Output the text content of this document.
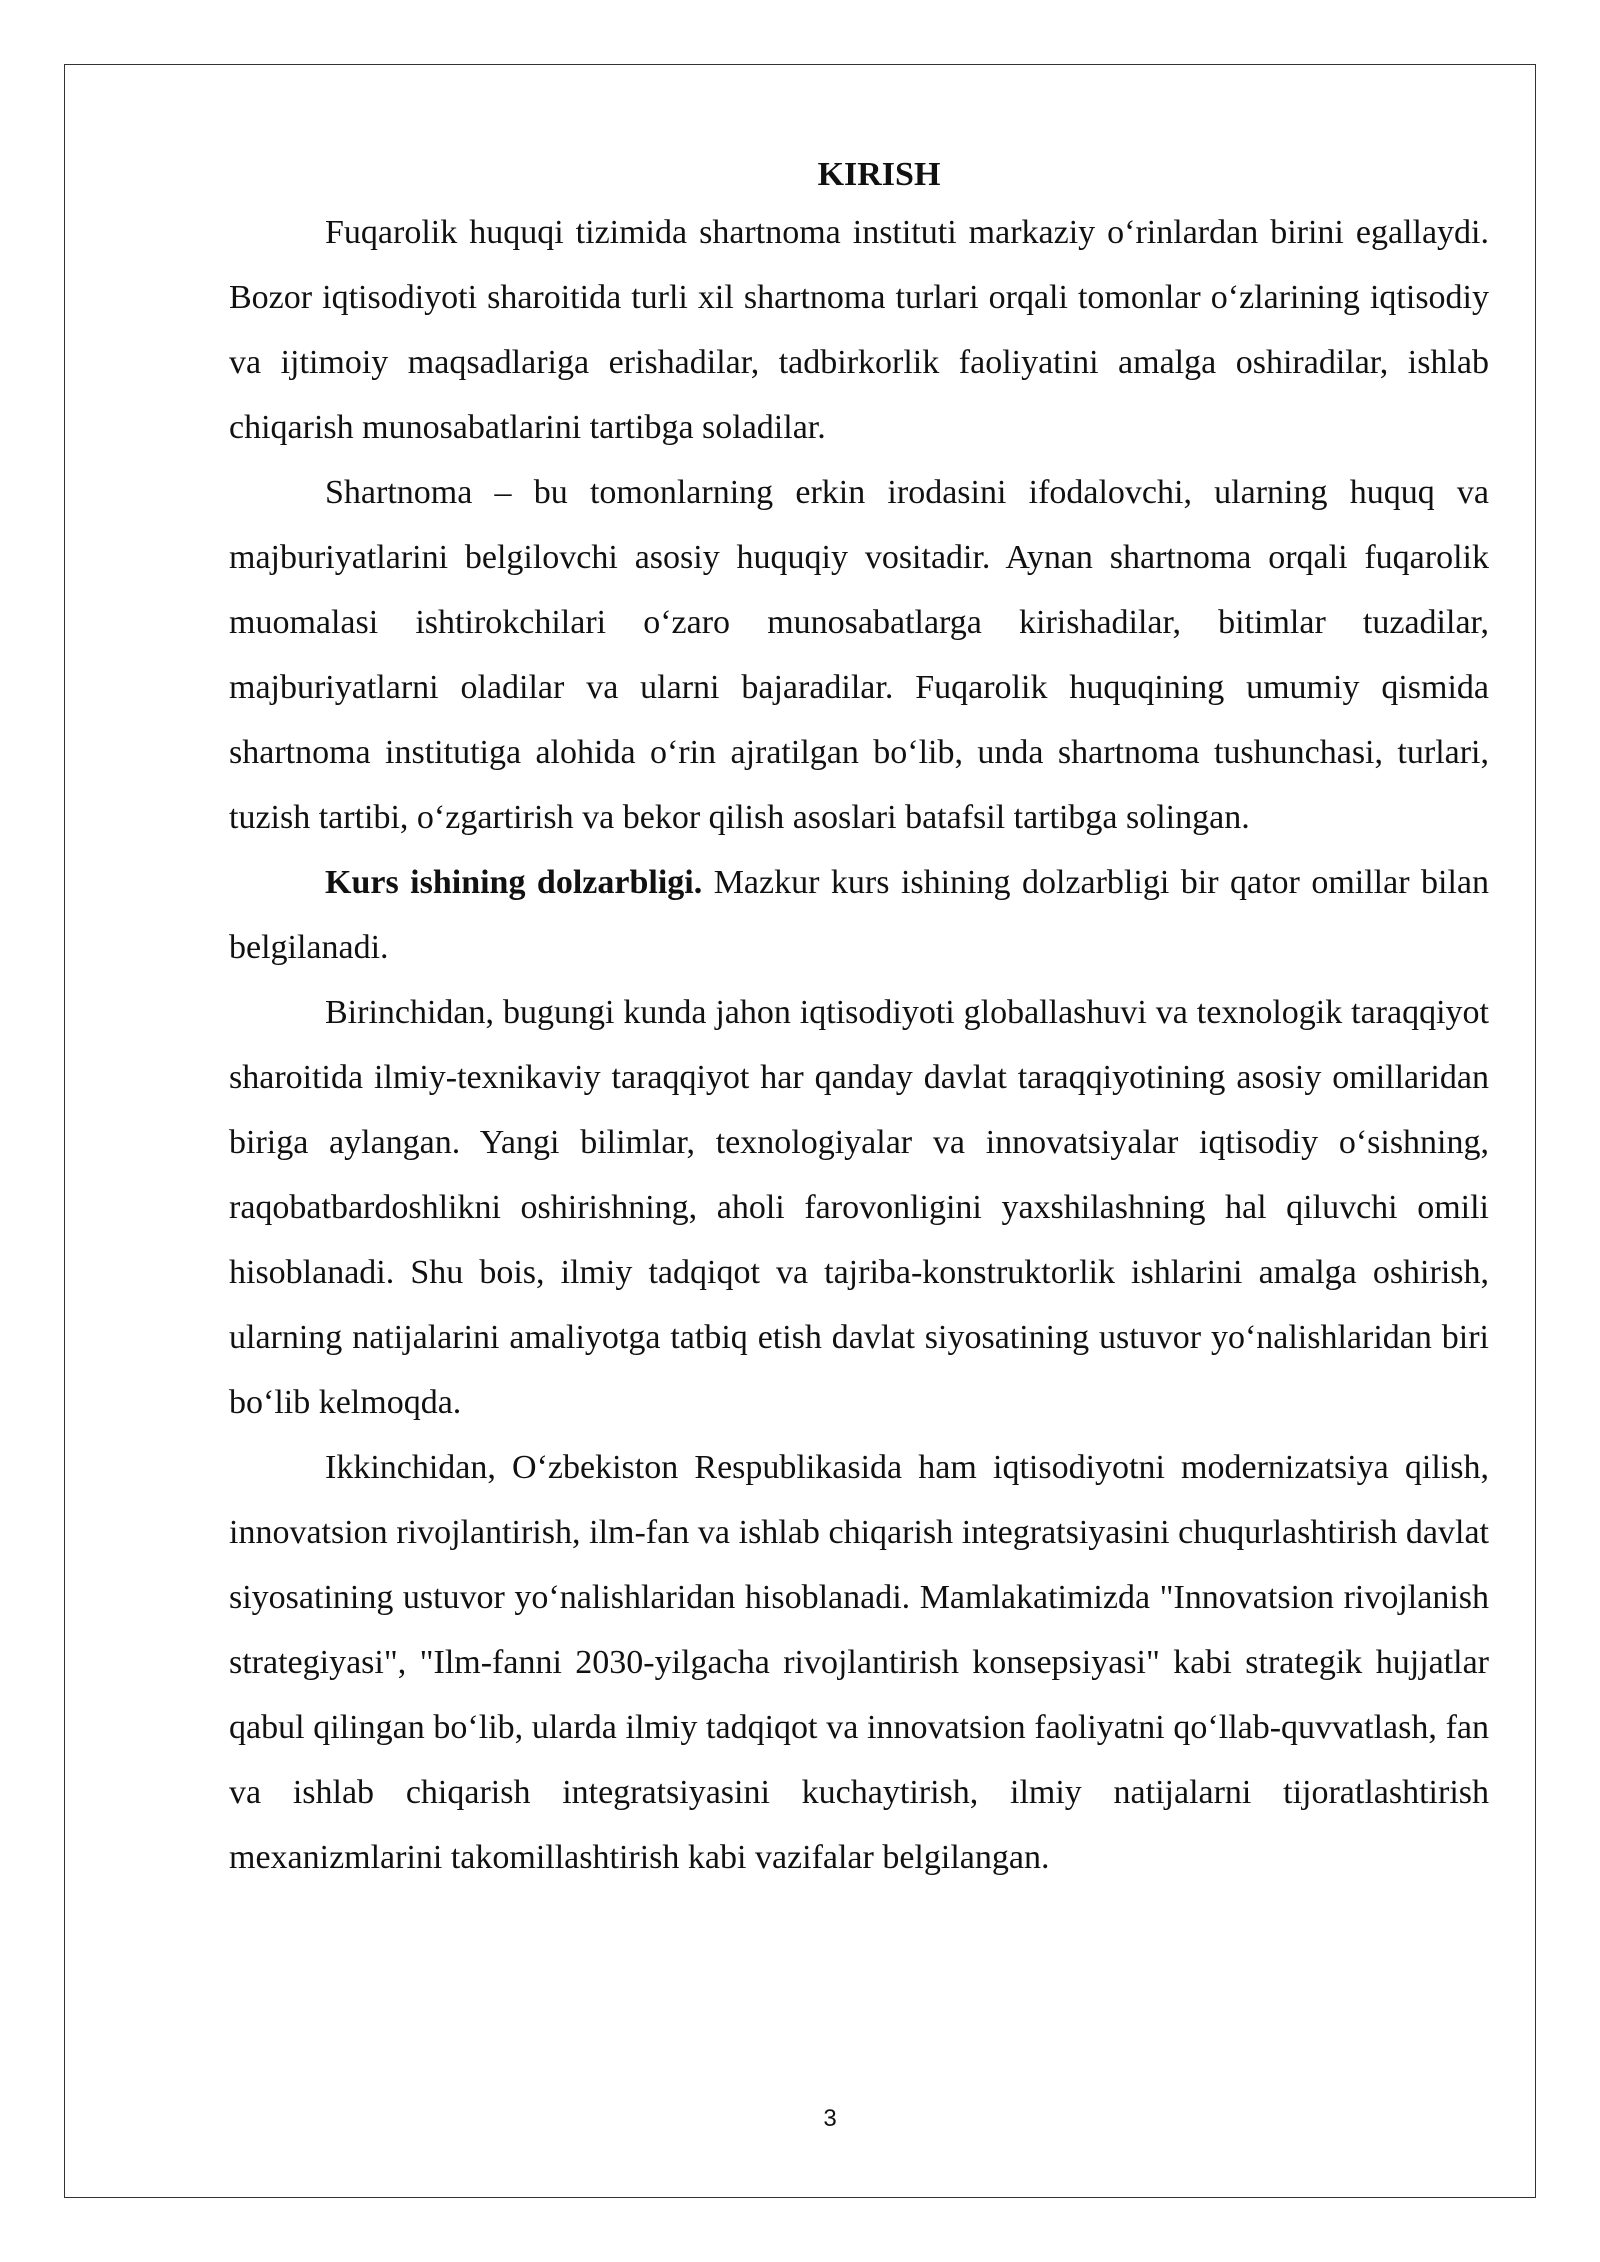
KIRISH

Fuqarolik huquqi tizimida shartnoma instituti markaziy o‘rinlardan birini egallaydi. Bozor iqtisodiyoti sharoitida turli xil shartnoma turlari orqali tomonlar o‘zlarining iqtisodiy va ijtimoiy maqsadlariga erishadilar, tadbirkorlik faoliyatini amalga oshiradilar, ishlab chiqarish munosabatlarini tartibga soladilar.

Shartnoma – bu tomonlarning erkin irodasini ifodalovchi, ularning huquq va majburiyatlarini belgilovchi asosiy huquqiy vositadir. Aynan shartnoma orqali fuqarolik muomalasi ishtirokchilari o‘zaro munosabatlarga kirishadilar, bitimlar tuzadilar, majburiyatlarni oladilar va ularni bajaradilar. Fuqarolik huquqining umumiy qismida shartnoma institutiga alohida o‘rin ajratilgan bo‘lib, unda shartnoma tushunchasi, turlari, tuzish tartibi, o‘zgartirish va bekor qilish asoslari batafsil tartibga solingan.

Kurs ishining dolzarbligi. Mazkur kurs ishining dolzarbligi bir qator omillar bilan belgilanadi.

Birinchidan, bugungi kunda jahon iqtisodiyoti globallashuvi va texnologik taraqqiyot sharoitida ilmiy-texnikaviy taraqqiyot har qanday davlat taraqqiyotining asosiy omillaridan biriga aylangan. Yangi bilimlar, texnologiyalar va innovatsiyalar iqtisodiy o‘sishning, raqobatbardoshlikni oshirishning, aholi farovonligini yaxshilashning hal qiluvchi omili hisoblanadi. Shu bois, ilmiy tadqiqot va tajriba-konstruktorlik ishlarini amalga oshirish, ularning natijalarini amaliyotga tatbiq etish davlat siyosatining ustuvor yo‘nalishlaridan biri bo‘lib kelmoqda.

Ikkinchidan, O‘zbekiston Respublikasida ham iqtisodiyotni modernizatsiya qilish, innovatsion rivojlantirish, ilm-fan va ishlab chiqarish integratsiyasini chuqurlashtirish davlat siyosatining ustuvor yo‘nalishlaridan hisoblanadi. Mamlakatimizda "Innovatsion rivojlanish strategiyasi", "Ilm-fanni 2030-yilgacha rivojlantirish konsepsiyasi" kabi strategik hujjatlar qabul qilingan bo‘lib, ularda ilmiy tadqiqot va innovatsion faoliyatni qo‘llab-quvvatlash, fan va ishlab chiqarish integratsiyasini kuchaytirish, ilmiy natijalarni tijoratlashtirish mexanizmlarini takomillashtirish kabi vazifalar belgilangan.

3
